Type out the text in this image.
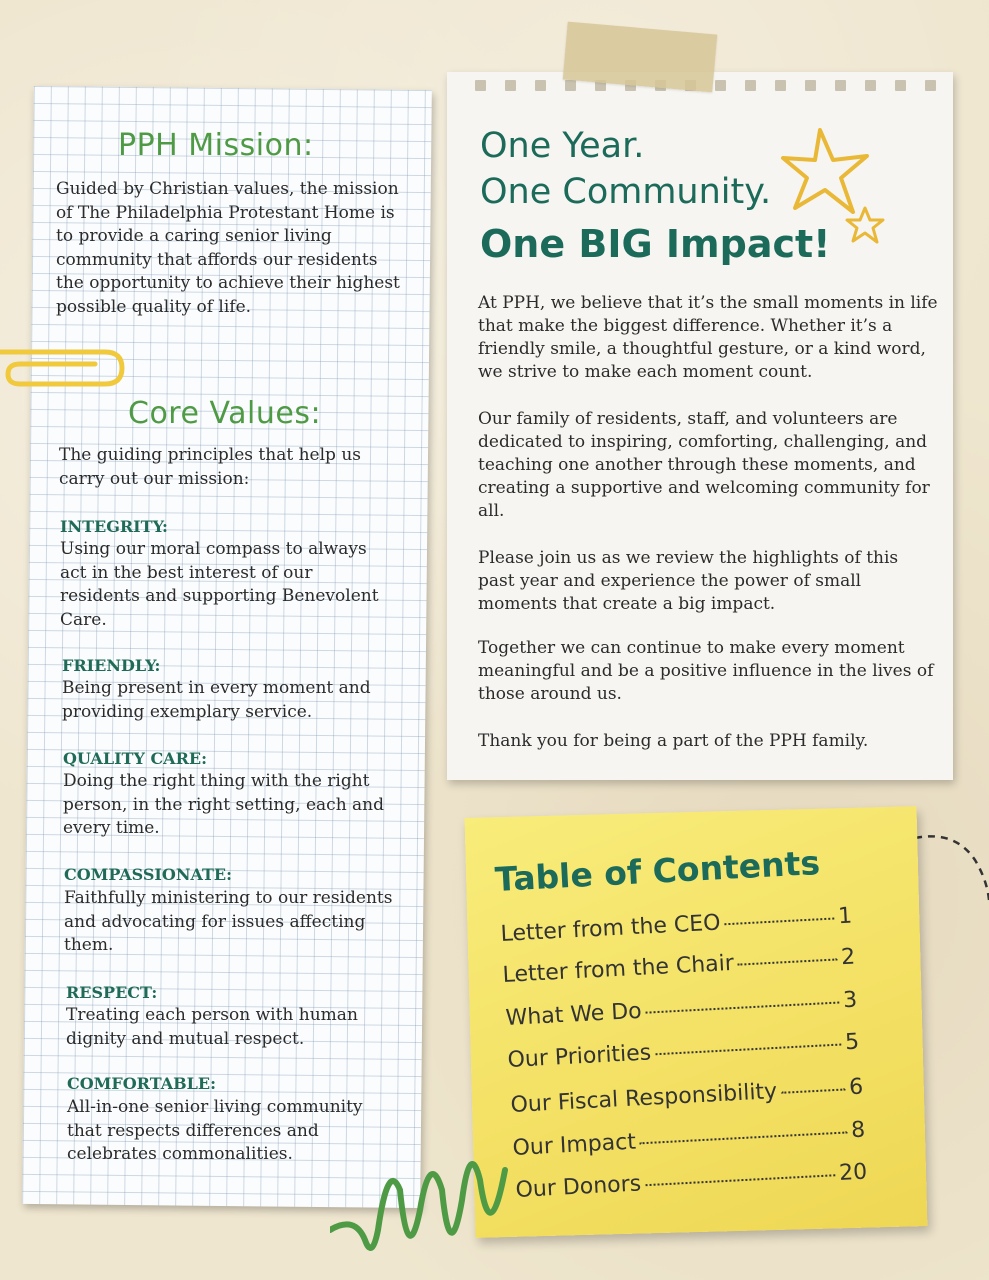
PPH Mission:

Guided by Christian values, the mission of The Philadelphia Protestant Home is to provide a caring senior living community that affords our residents the opportunity to achieve their highest possible quality of life.

Core Values:

The guiding principles that help us carry out our mission:

INTEGRITY:

Using our moral compass to always act in the best interest of our residents and supporting Benevolent Care.

FRIENDLY:

Being present in every moment and providing exemplary service.

QUALITY CARE:

Doing the right thing with the right person, in the right setting, each and every time.

COMPASSIONATE:

Faithfully ministering to our residents and advocating for issues affecting them.

RESPECT:

Treating each person with human dignity and mutual respect.

COMFORTABLE:

All-in-one senior living community that respects differences and celebrates commonalities.

One Year.
One Community.
One BIG Impact!

At PPH, we believe that it’s the small moments in life that make the biggest difference. Whether it’s a friendly smile, a thoughtful gesture, or a kind word, we strive to make each moment count.

Our family of residents, staff, and volunteers are dedicated to inspiring, comforting, challenging, and teaching one another through these moments, and creating a supportive and welcoming community for all.

Please join us as we review the highlights of this past year and experience the power of small moments that create a big impact.

Together we can continue to make every moment meaningful and be a positive influence in the lives of those around us.

Thank you for being a part of the PPH family.

Table of Contents
Letter from the CEO	1
Letter from the Chair	2
What We Do	3
Our Priorities	5
Our Fiscal Responsibility	6
Our Impact	8
Our Donors	20
